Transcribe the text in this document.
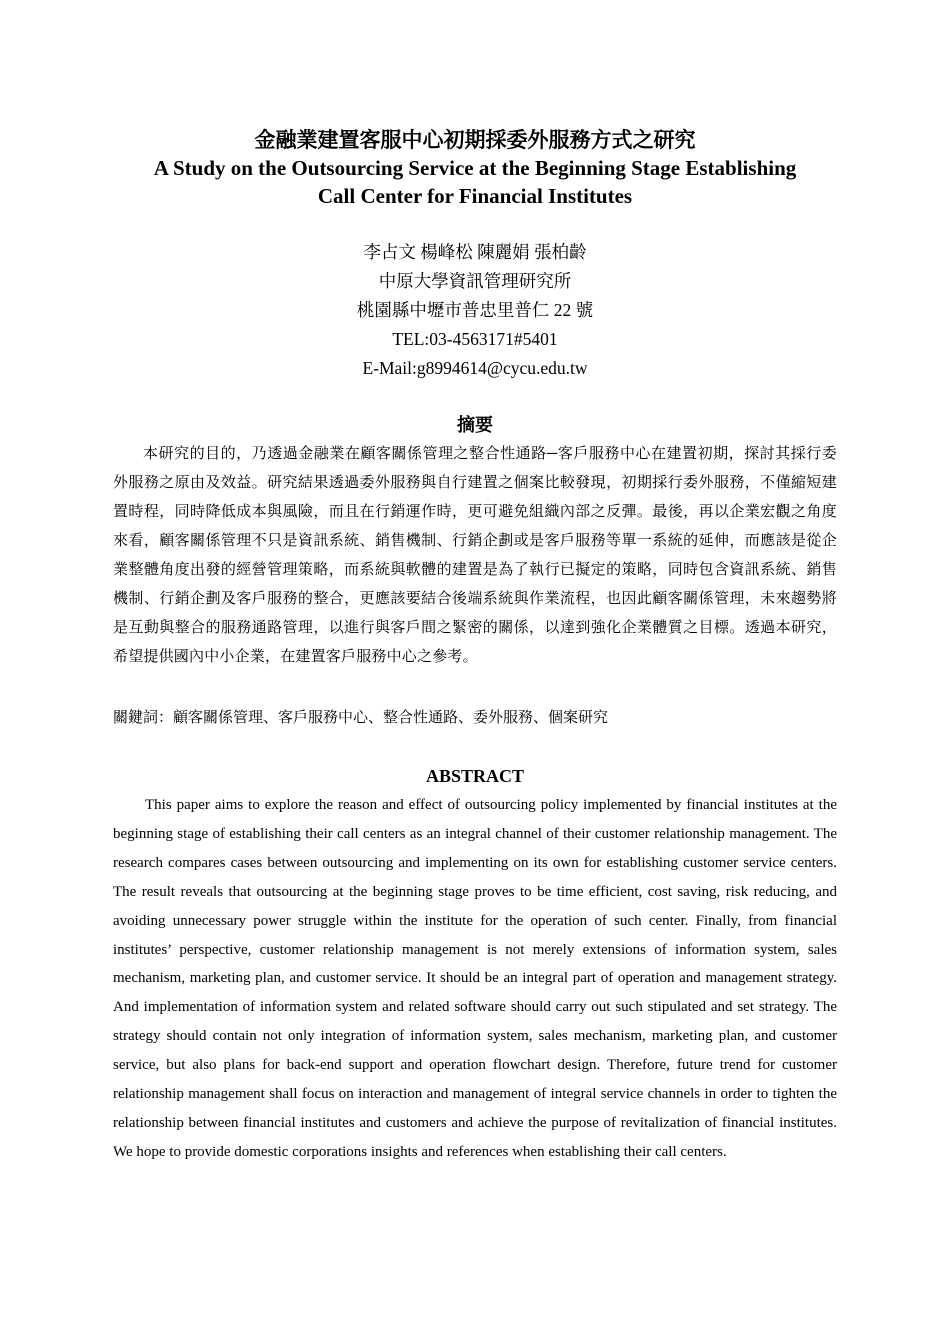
金融業建置客服中心初期採委外服務方式之研究

A Study on the Outsourcing Service at the Beginning Stage Establishing

Call Center for Financial Institutes

李占文 楊峰松 陳麗娟 張柏齡
中原大學資訊管理研究所
桃園縣中壢市普忠里普仁 22 號
TEL:03-4563171#5401
E-Mail:g8994614@cycu.edu.tw

摘要

本研究的目的，乃透過金融業在顧客關係管理之整合性通路─客戶服務中心在建置初期，探討其採行委外服務之原由及效益。研究結果透過委外服務與自行建置之個案比較發現，初期採行委外服務，不僅縮短建置時程，同時降低成本與風險，而且在行銷運作時，更可避免組織內部之反彈。最後，再以企業宏觀之角度來看，顧客關係管理不只是資訊系統、銷售機制、行銷企劃或是客戶服務等單一系統的延伸，而應該是從企業整體角度出發的經營管理策略，而系統與軟體的建置是為了執行已擬定的策略，同時包含資訊系統、銷售機制、行銷企劃及客戶服務的整合，更應該要結合後端系統與作業流程，也因此顧客關係管理，未來趨勢將是互動與整合的服務通路管理，以進行與客戶間之緊密的關係，以達到強化企業體質之目標。透過本研究，希望提供國內中小企業，在建置客戶服務中心之參考。

關鍵詞：顧客關係管理、客戶服務中心、整合性通路、委外服務、個案研究

ABSTRACT

This paper aims to explore the reason and effect of outsourcing policy implemented by financial institutes at the beginning stage of establishing their call centers as an integral channel of their customer relationship management. The research compares cases between outsourcing and implementing on its own for establishing customer service centers. The result reveals that outsourcing at the beginning stage proves to be time efficient, cost saving, risk reducing, and avoiding unnecessary power struggle within the institute for the operation of such center. Finally, from financial institutes’ perspective, customer relationship management is not merely extensions of information system, sales mechanism, marketing plan, and customer service. It should be an integral part of operation and management strategy. And implementation of information system and related software should carry out such stipulated and set strategy. The strategy should contain not only integration of information system, sales mechanism, marketing plan, and customer service, but also plans for back-end support and operation flowchart design. Therefore, future trend for customer relationship management shall focus on interaction and management of integral service channels in order to tighten the relationship between financial institutes and customers and achieve the purpose of revitalization of financial institutes. We hope to provide domestic corporations insights and references when establishing their call centers.
